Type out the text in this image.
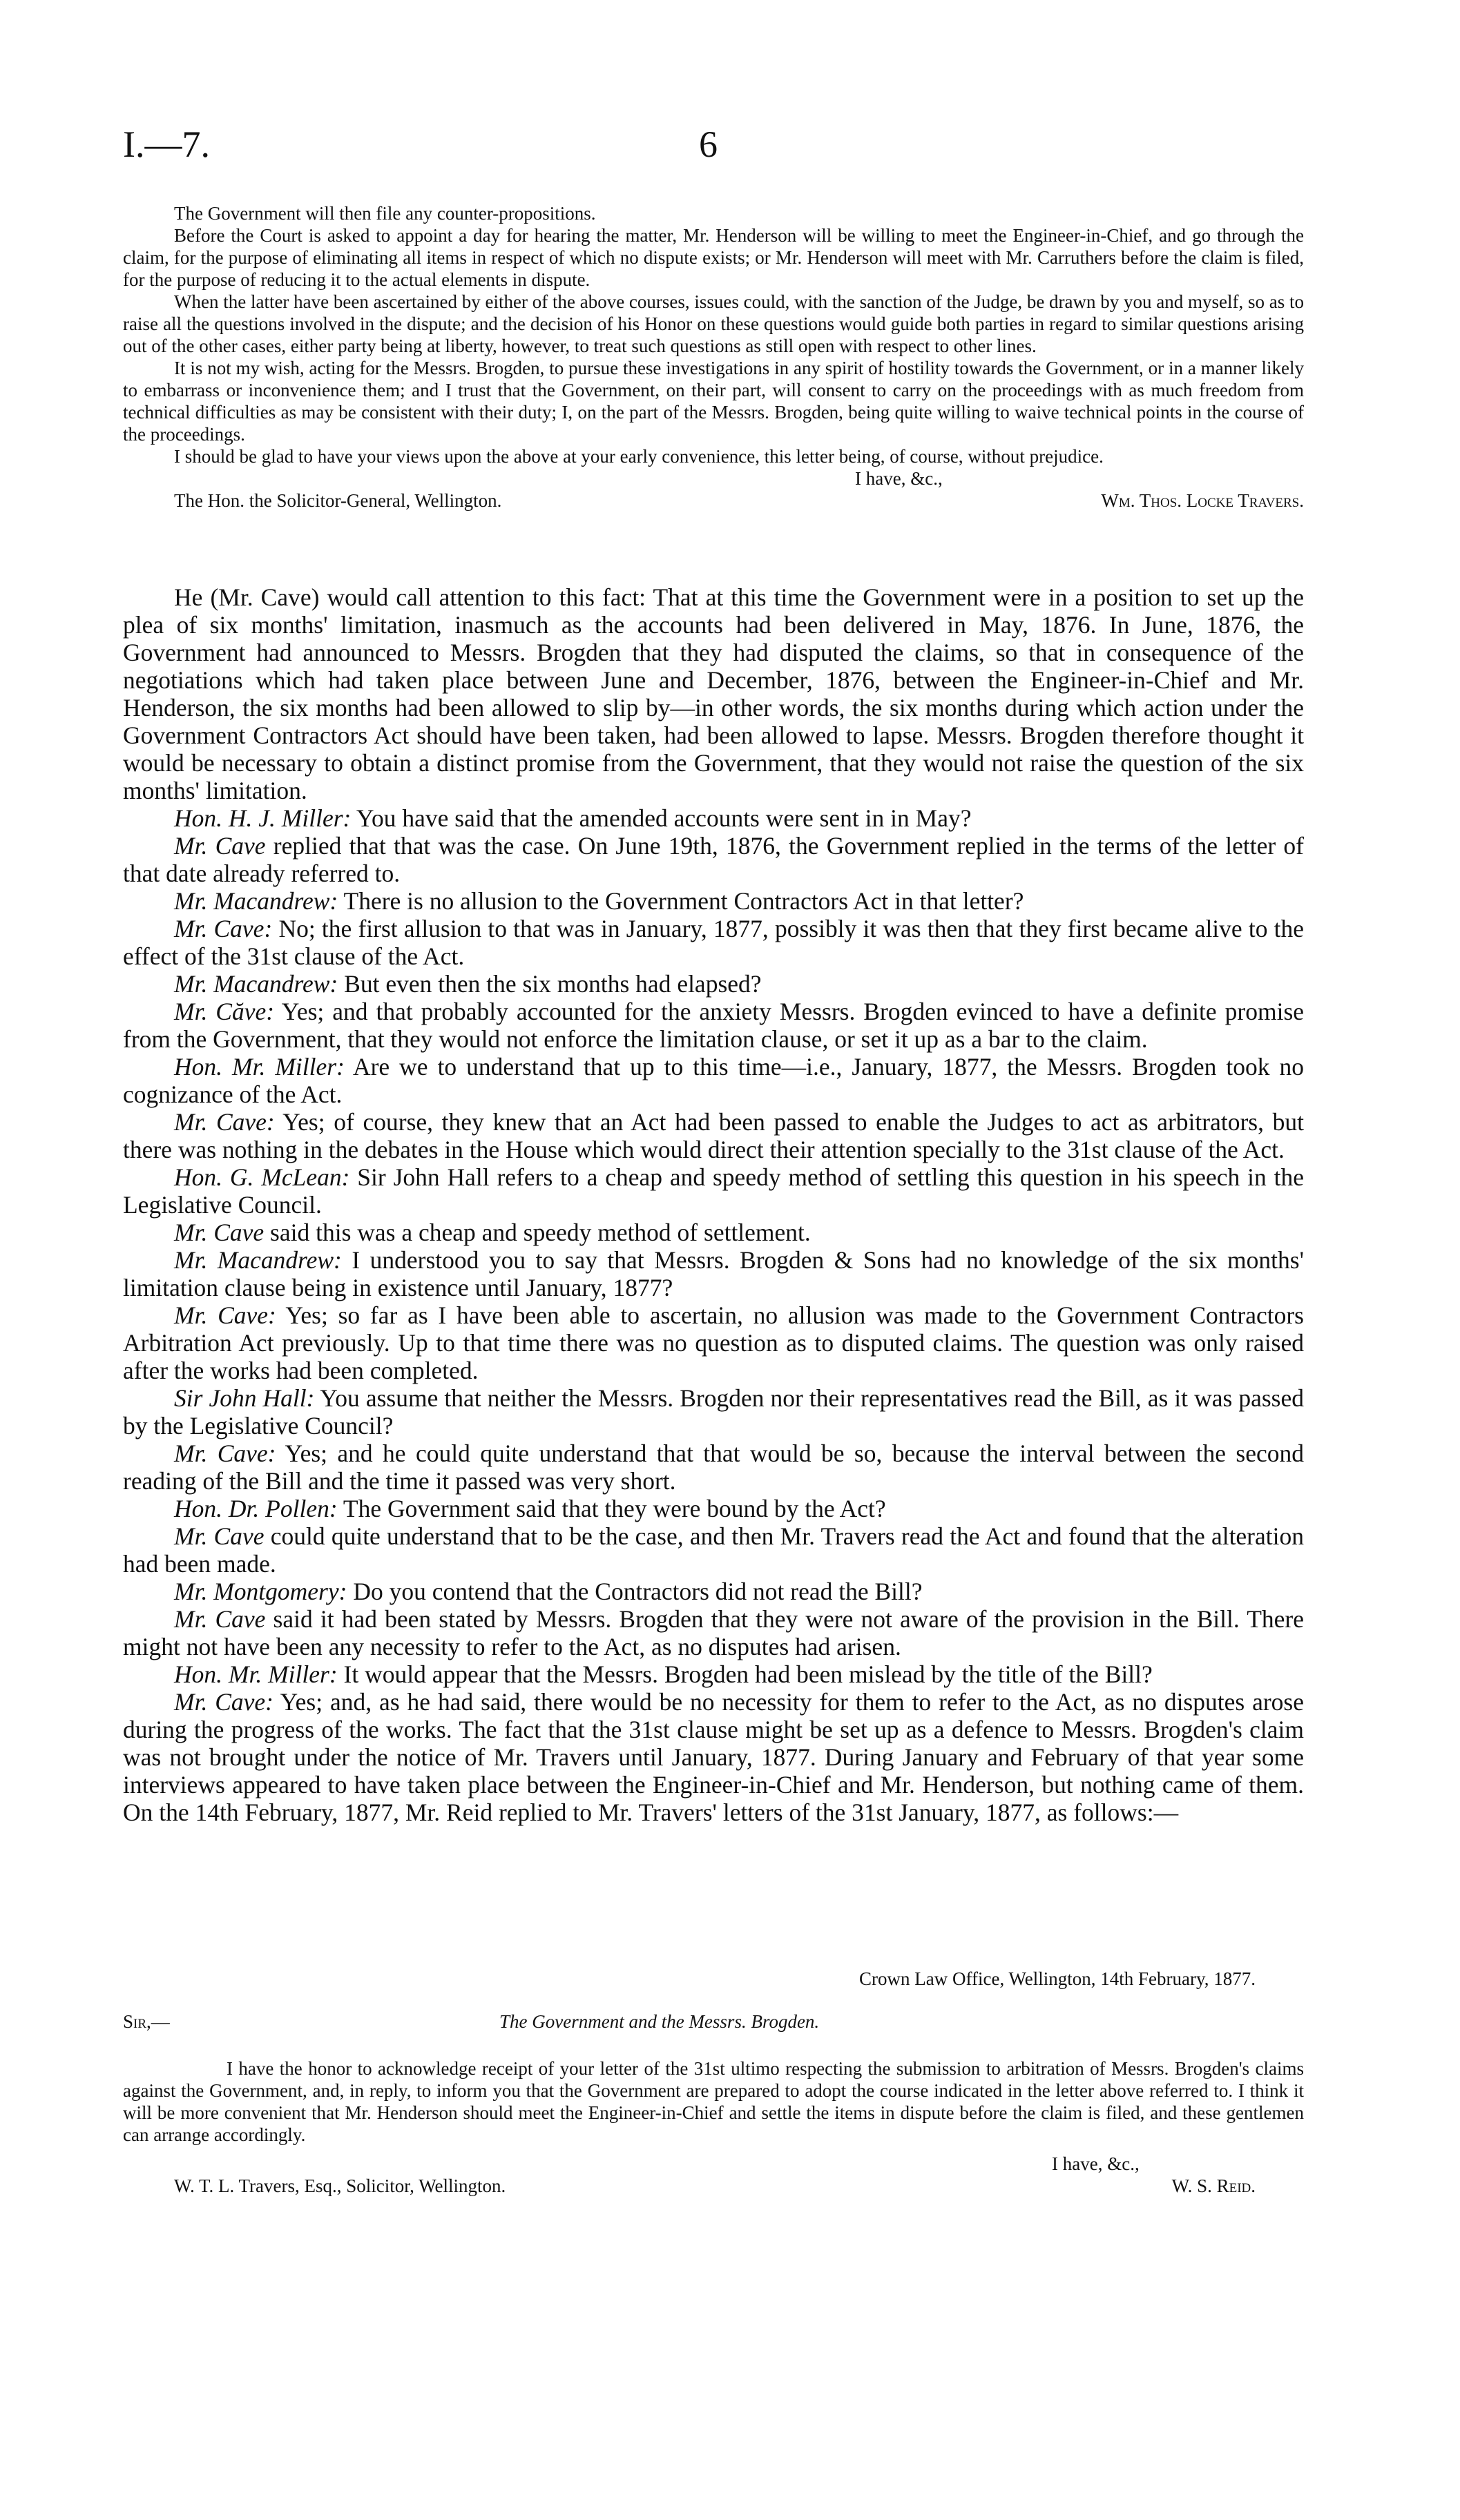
I.—7.	6

The Government will then file any counter-propositions.

Before the Court is asked to appoint a day for hearing the matter, Mr. Henderson will be willing to meet the Engineer-in-Chief, and go through the claim, for the purpose of eliminating all items in respect of which no dispute exists; or Mr. Henderson will meet with Mr. Carruthers before the claim is filed, for the purpose of reducing it to the actual elements in dispute.

When the latter have been ascertained by either of the above courses, issues could, with the sanction of the Judge, be drawn by you and myself, so as to raise all the questions involved in the dispute; and the decision of his Honor on these questions would guide both parties in regard to similar questions arising out of the other cases, either party being at liberty, however, to treat such questions as still open with respect to other lines.

It is not my wish, acting for the Messrs. Brogden, to pursue these investigations in any spirit of hostility towards the Government, or in a manner likely to embarrass or inconvenience them; and I trust that the Government, on their part, will consent to carry on the proceedings with as much freedom from technical difficulties as may be consistent with their duty; I, on the part of the Messrs. Brogden, being quite willing to waive technical points in the course of the proceedings.

I should be glad to have your views upon the above at your early convenience, this letter being, of course, without prejudice.

I have, &c.,
The Hon. the Solicitor-General, Wellington.	Wm. Thos. Locke Travers.

He (Mr. Cave) would call attention to this fact: That at this time the Government were in a position to set up the plea of six months' limitation, inasmuch as the accounts had been delivered in May, 1876. In June, 1876, the Government had announced to Messrs. Brogden that they had disputed the claims, so that in consequence of the negotiations which had taken place between June and December, 1876, between the Engineer-in-Chief and Mr. Henderson, the six months had been allowed to slip by—in other words, the six months during which action under the Government Contractors Act should have been taken, had been allowed to lapse. Messrs. Brogden therefore thought it would be necessary to obtain a distinct promise from the Government, that they would not raise the question of the six months' limitation.

Hon. H. J. Miller: You have said that the amended accounts were sent in in May?

Mr. Cave replied that that was the case. On June 19th, 1876, the Government replied in the terms of the letter of that date already referred to.

Mr. Macandrew: There is no allusion to the Government Contractors Act in that letter?

Mr. Cave: No; the first allusion to that was in January, 1877, possibly it was then that they first became alive to the effect of the 31st clause of the Act.

Mr. Macandrew: But even then the six months had elapsed?

Mr. Căve: Yes; and that probably accounted for the anxiety Messrs. Brogden evinced to have a definite promise from the Government, that they would not enforce the limitation clause, or set it up as a bar to the claim.

Hon. Mr. Miller: Are we to understand that up to this time—i.e., January, 1877, the Messrs. Brogden took no cognizance of the Act.

Mr. Cave: Yes; of course, they knew that an Act had been passed to enable the Judges to act as arbitrators, but there was nothing in the debates in the House which would direct their attention specially to the 31st clause of the Act.

Hon. G. McLean: Sir John Hall refers to a cheap and speedy method of settling this question in his speech in the Legislative Council.

Mr. Cave said this was a cheap and speedy method of settlement.

Mr. Macandrew: I understood you to say that Messrs. Brogden & Sons had no knowledge of the six months' limitation clause being in existence until January, 1877?

Mr. Cave: Yes; so far as I have been able to ascertain, no allusion was made to the Government Contractors Arbitration Act previously. Up to that time there was no question as to disputed claims. The question was only raised after the works had been completed.

Sir John Hall: You assume that neither the Messrs. Brogden nor their representatives read the Bill, as it was passed by the Legislative Council?

Mr. Cave: Yes; and he could quite understand that that would be so, because the interval between the second reading of the Bill and the time it passed was very short.

Hon. Dr. Pollen: The Government said that they were bound by the Act?

Mr. Cave could quite understand that to be the case, and then Mr. Travers read the Act and found that the alteration had been made.

Mr. Montgomery: Do you contend that the Contractors did not read the Bill?

Mr. Cave said it had been stated by Messrs. Brogden that they were not aware of the provision in the Bill. There might not have been any necessity to refer to the Act, as no disputes had arisen.

Hon. Mr. Miller: It would appear that the Messrs. Brogden had been mislead by the title of the Bill?

Mr. Cave: Yes; and, as he had said, there would be no necessity for them to refer to the Act, as no disputes arose during the progress of the works. The fact that the 31st clause might be set up as a defence to Messrs. Brogden's claim was not brought under the notice of Mr. Travers until January, 1877. During January and February of that year some interviews appeared to have taken place between the Engineer-in-Chief and Mr. Henderson, but nothing came of them. On the 14th February, 1877, Mr. Reid replied to Mr. Travers' letters of the 31st January, 1877, as follows:—

Crown Law Office, Wellington, 14th February, 1877.
Sir,—	The Government and the Messrs. Brogden.

I have the honor to acknowledge receipt of your letter of the 31st ultimo respecting the submission to arbitration of Messrs. Brogden's claims against the Government, and, in reply, to inform you that the Government are prepared to adopt the course indicated in the letter above referred to. I think it will be more convenient that Mr. Henderson should meet the Engineer-in-Chief and settle the items in dispute before the claim is filed, and these gentlemen can arrange accordingly.

I have, &c.,
W. T. L. Travers, Esq., Solicitor, Wellington.	W. S. Reid.
